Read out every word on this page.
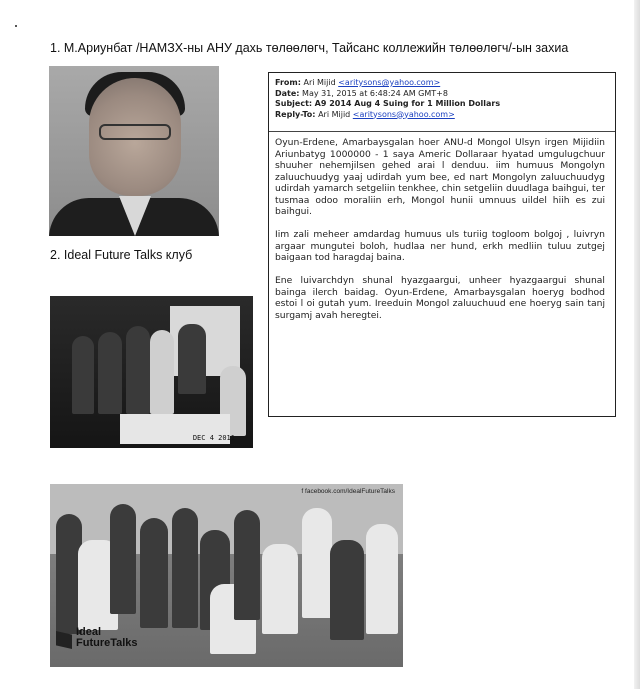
1. М.Ариунбат /НАМЗХ-ны АНУ дахь төлөөлөгч, Тайсанс коллежийн төлөөлөгч/-ын захиа
2. Ideal Future Talks клуб
From: Ari Mijid <aritysons@yahoo.com>
Date: May 31, 2015 at 6:48:24 AM GMT+8
Subject: A9 2014 Aug 4 Suing for 1 Million Dollars
Reply-To: Ari Mijid <aritysons@yahoo.com>

Oyun-Erdene, Amarbaysgalan hoer ANU-d Mongol Ulsyn irgen Mijidiin Ariunbatyg 1000000 - 1 saya Americ Dollaraar hyatad umgulugchuur shuuher nehemjilsen gehed arai l denduu. iim humuus Mongolyn zaluuchuudyg yaaj udirdah yum bee, ed nart Mongolyn zaluuchuudyg udirdah yamarch setgeliin tenkhee, chin setgeliin duudlaga baihgui, ter tusmaa odoo moraliin erh, Mongol hunii umnuus uildel hiih es zui baihgui.

Iim zali meheer amdardag humuus uls turiig togloom bolgoj , luivryn argaar mungutei boloh, hudlaa ner hund, erkh medliin tuluu zutgej baigaan tod haragdaj baina.

Ene luivarchdyn shunal hyazgaargui, unheer hyazgaargui shunal bainga ilerch baidag. Oyun-Erdene, Amarbaysgalan hoeryg bodhod estoi l oi gutah yum. Ireeduin Mongol zaluuchuud ene hoeryg sain tanj surgamj avah heregtei.

DEC 4 2011
f facebook.com/IdealFutureTalks
Ideal
FutureTalks
